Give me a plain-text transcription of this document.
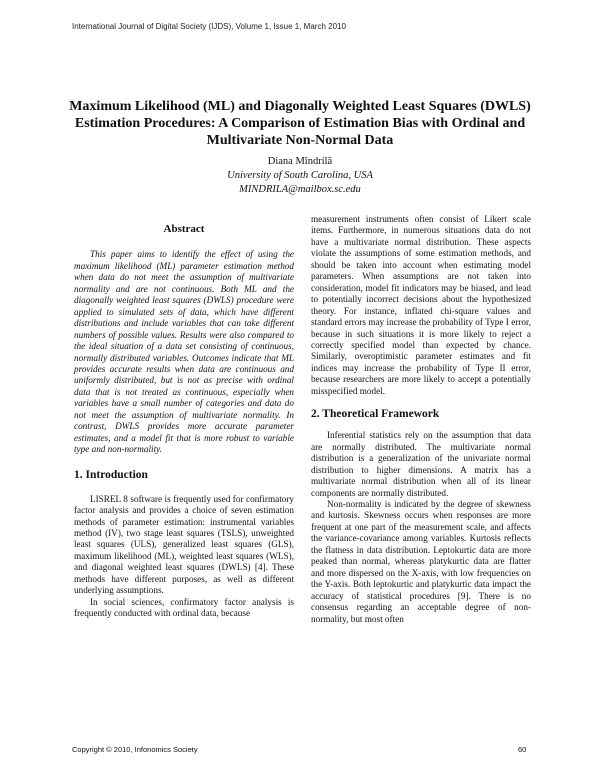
International Journal of Digital Society (IJDS), Volume 1, Issue 1, March 2010
Maximum Likelihood (ML) and Diagonally Weighted Least Squares (DWLS)
Estimation Procedures: A Comparison of Estimation Bias with Ordinal and
Multivariate Non-Normal Data
Diana Mîndrilă
University of South Carolina, USA
MINDRILA@mailbox.sc.edu
Abstract

This paper aims to identify the effect of using the maximum likelihood (ML) parameter estimation method when data do not meet the assumption of multivariate normality and are not continuous. Both ML and the diagonally weighted least squares (DWLS) procedure were applied to simulated sets of data, which have different distributions and include variables that can take different numbers of possible values. Results were also compared to the ideal situation of a data set consisting of continuous, normally distributed variables. Outcomes indicate that ML provides accurate results when data are continuous and uniformly distributed, but is not as precise with ordinal data that is not treated as continuous, especially when variables have a small number of categories and data do not meet the assumption of multivariate normality. In contrast, DWLS provides more accurate parameter estimates, and a model fit that is more robust to variable type and non-normality.

1. Introduction

LISREL 8 software is frequently used for confirmatory factor analysis and provides a choice of seven estimation methods of parameter estimation: instrumental variables method (IV), two stage least squares (TSLS), unweighted least squares (ULS), generalized least squares (GLS), maximum likelihood (ML), weighted least squares (WLS), and diagonal weighted least squares (DWLS) [4]. These methods have different purposes, as well as different underlying assumptions.

In social sciences, confirmatory factor analysis is frequently conducted with ordinal data, because

measurement instruments often consist of Likert scale items. Furthermore, in numerous situations data do not have a multivariate normal distribution. These aspects violate the assumptions of some estimation methods, and should be taken into account when estimating model parameters. When assumptions are not taken into consideration, model fit indicators may be biased, and lead to potentially incorrect decisions about the hypothesized theory. For instance, inflated chi-square values and standard errors may increase the probability of Type I error, because in such situations it is more likely to reject a correctly specified model than expected by chance. Similarly, overoptimistic parameter estimates and fit indices may increase the probability of Type II error, because researchers are more likely to accept a potentially misspecified model.

2. Theoretical Framework

Inferential statistics rely on the assumption that data are normally distributed. The multivariate normal distribution is a generalization of the univariate normal distribution to higher dimensions. A matrix has a multivariate normal distribution when all of its linear components are normally distributed.

Non-normality is indicated by the degree of skewness and kurtosis. Skewness occurs when responses are more frequent at one part of the measurement scale, and affects the variance-covariance among variables. Kurtosis reflects the flatness in data distribution. Leptokurtic data are more peaked than normal, whereas platykurtic data are flatter and more dispersed on the X-axis, with low frequencies on the Y-axis. Both leptokurtic and platykurtic data impact the accuracy of statistical procedures [9]. There is no consensus regarding an acceptable degree of non-normality, but most often

Copyright © 2010, Infonomics Society	60
